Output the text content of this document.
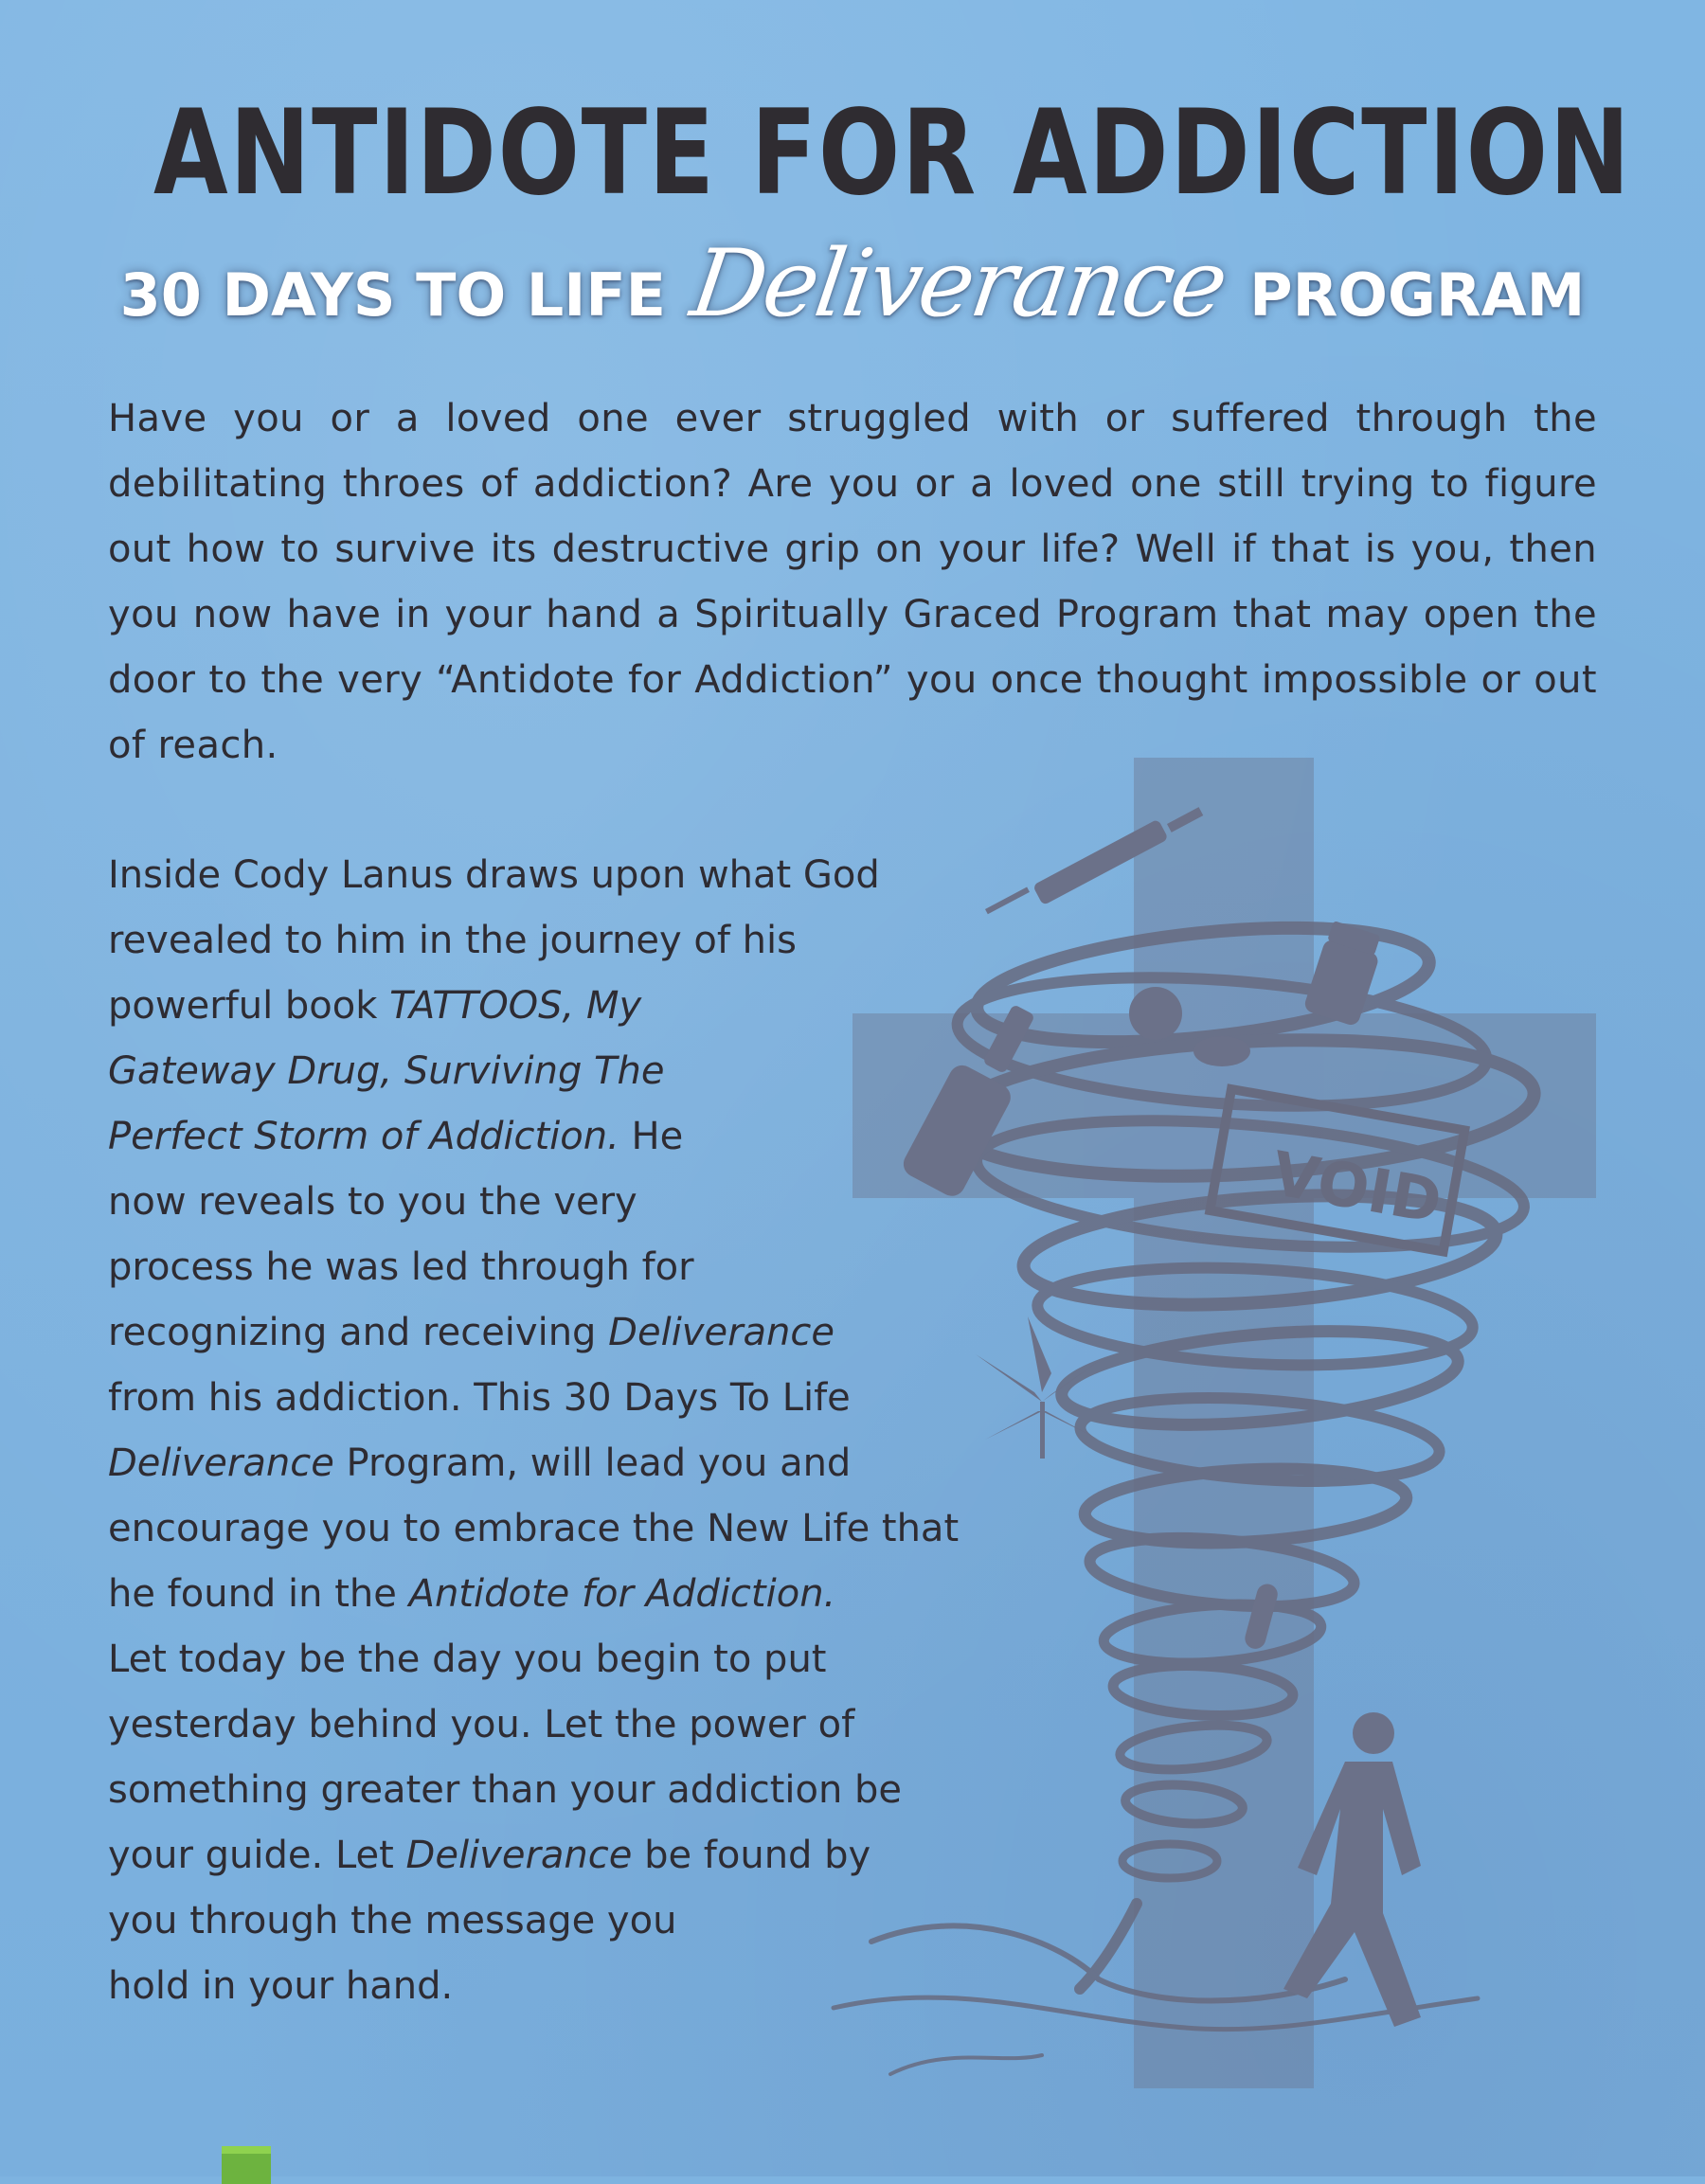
ANTIDOTE FOR ADDICTION
30 DAYS TO LIFE Deliverance PROGRAM

Have you or a loved one ever struggled with or suffered through the debilitating throes of addiction? Are you or a loved one still trying to figure out how to survive its destructive grip on your life? Well if that is you, then you now have in your hand a Spiritually Graced Program that may open the door to the very “Antidote for Addiction” you once thought impossible or out of reach.

VOID
Inside Cody Lanus draws upon what God
revealed to him in the journey of his
powerful book TATTOOS, My
Gateway Drug, Surviving The
Perfect Storm of Addiction. He
now reveals to you the very
process he was led through for
recognizing and receiving Deliverance
from his addiction. This 30 Days To Life
Deliverance Program, will lead you and
encourage you to embrace the New Life that
he found in the Antidote for Addiction.
Let today be the day you begin to put
yesterday behind you. Let the power of
something greater than your addiction be
your guide. Let Deliverance be found by
you through the message you
hold in your hand.
